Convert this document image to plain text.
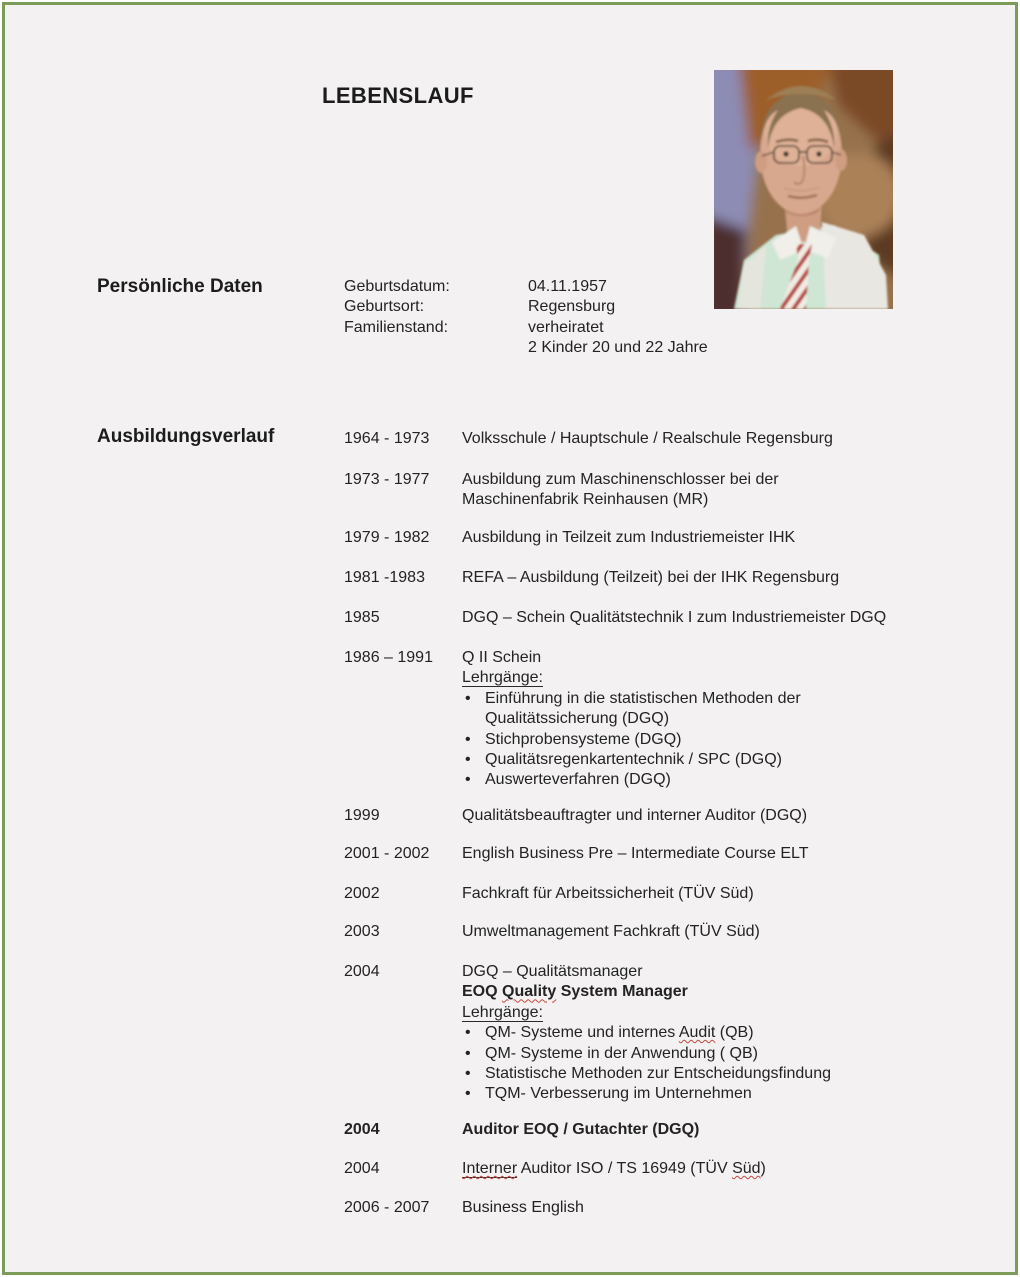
LEBENSLAUF
Persönliche Daten	Geburtsdatum:	04.11.1957
Geburtsort:	Regensburg
Familienstand:	verheiratet
2 Kinder 20 und 22 Jahre
Ausbildungsverlauf	1964 - 1973	Volksschule / Hauptschule / Realschule Regensburg
1973 - 1977	Ausbildung zum Maschinenschlosser bei der
Maschinenfabrik Reinhausen (MR)
1979 - 1982	Ausbildung in Teilzeit zum Industriemeister IHK
1981 -1983	REFA – Ausbildung (Teilzeit) bei der IHK Regensburg
1985	DGQ – Schein Qualitätstechnik I zum Industriemeister DGQ
1986 – 1991	Q II Schein
Lehrgänge:
• Einführung in die statistischen Methoden der
Qualitätssicherung (DGQ)
• Stichprobensysteme (DGQ)
• Qualitätsregenkartentechnik / SPC (DGQ)
• Auswerteverfahren (DGQ)
1999	Qualitätsbeauftragter und interner Auditor (DGQ)
2001 - 2002	English Business Pre – Intermediate Course ELT
2002	Fachkraft für Arbeitssicherheit (TÜV Süd)
2003	Umweltmanagement Fachkraft (TÜV Süd)
2004	DGQ – Qualitätsmanager
EOQ Quality System Manager
Lehrgänge:
• QM- Systeme und internes Audit (QB)
• QM- Systeme in der Anwendung ( QB)
• Statistische Methoden zur Entscheidungsfindung
• TQM- Verbesserung im Unternehmen
2004	Auditor EOQ / Gutachter (DGQ)
2004	Interner Auditor ISO / TS 16949 (TÜV Süd)
2006 - 2007	Business English
